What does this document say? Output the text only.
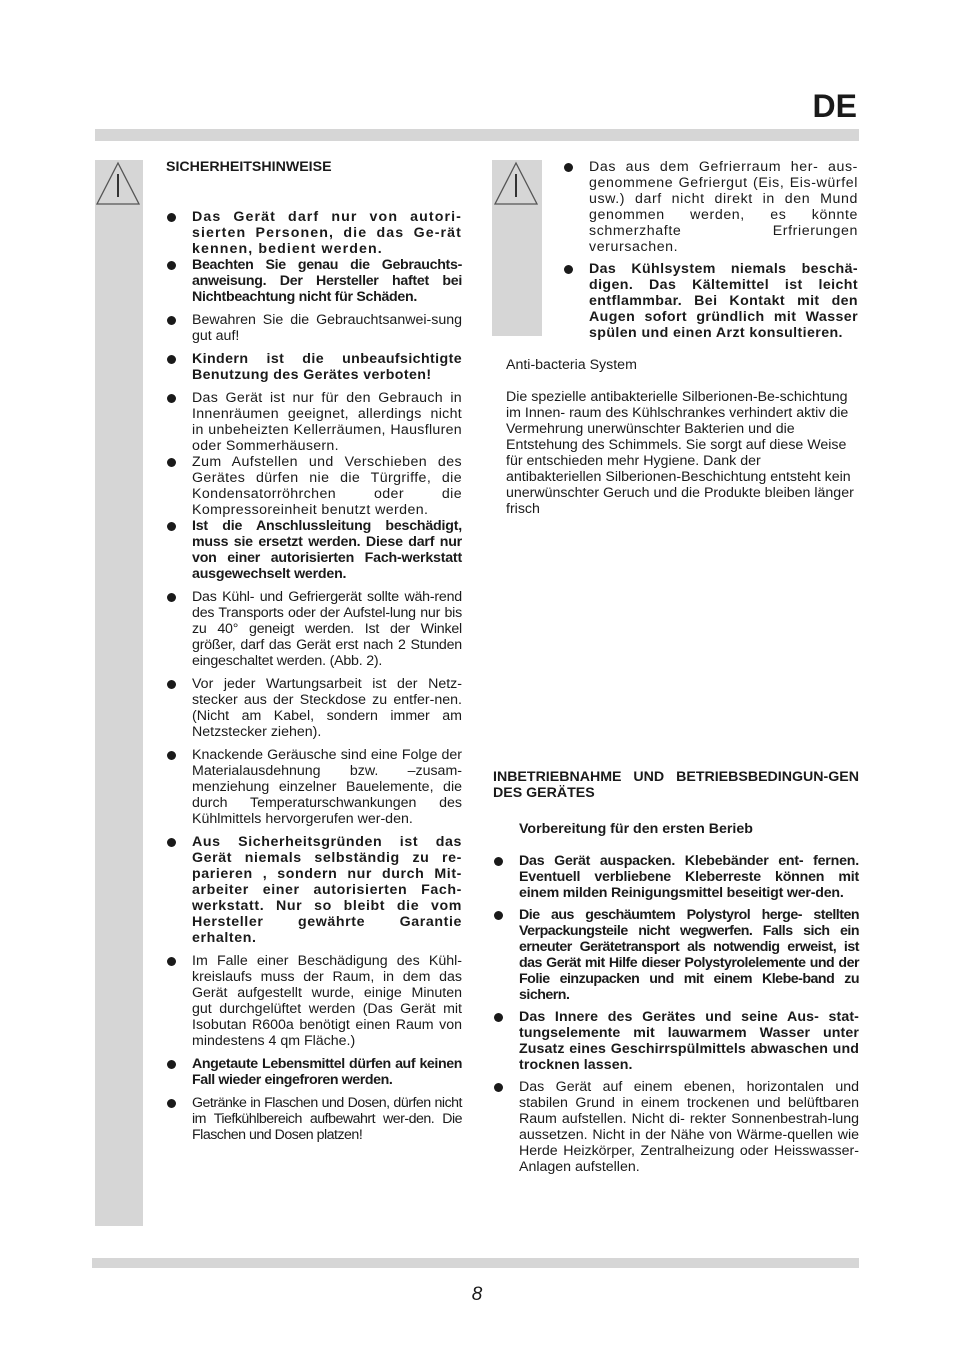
DE
SICHERHEITSHINWEISE
Das Gerät darf nur von autori-sierten Personen, die das Ge-rät kennen, bedient werden.
Beachten Sie genau die Gebrauchts-anweisung. Der Hersteller haftet bei Nichtbeachtung nicht für Schäden.
Bewahren Sie die Gebrauchtsanwei-sung gut auf!
Kindern ist die unbeaufsichtigte Benutzung des Gerätes verboten!
Das Gerät ist nur für den Gebrauch in Innenräumen geeignet, allerdings nicht in unbeheizten Kellerräumen, Hausfluren oder Sommerhäusern.
Zum Aufstellen und Verschieben des Gerätes dürfen nie die Türgriffe, die Kondensatorröhrchen oder die Kompressoreinheit benutzt werden.
Ist die Anschlussleitung beschädigt, muss sie ersetzt werden. Diese darf nur von einer autorisierten Fach-werkstatt ausgewechselt werden.
Das Kühl- und Gefriergerät sollte wäh-rend des Transports oder der Aufstel-lung nur bis zu 40° geneigt werden. Ist der Winkel größer, darf das Gerät erst nach 2 Stunden eingeschaltet werden. (Abb. 2).
Vor jeder Wartungsarbeit ist der Netz-stecker aus der Steckdose zu entfer-nen. (Nicht am Kabel, sondern immer am Netzstecker ziehen).
Knackende Geräusche sind eine Folge der Materialausdehnung bzw. –zusam-menziehung einzelner Bauelemente, die durch Temperaturschwankungen des Kühlmittels hervorgerufen wer-den.
Aus Sicherheitsgründen ist das Gerät niemals selbständig zu re-parieren , sondern nur durch Mit-arbeiter einer autorisierten Fach-werkstatt. Nur so bleibt die vom Hersteller gewährte Garantie erhalten.
Im Falle einer Beschädigung des Kühl-kreislaufs muss der Raum, in dem das Gerät aufgestellt wurde, einige Minuten gut durchgelüftet werden (Das Gerät mit Isobutan R600a benötigt einen Raum von mindestens 4 qm Fläche.)
Angetaute Lebensmittel dürfen auf keinen Fall wieder eingefroren werden.
Getränke in Flaschen und Dosen, dürfen nicht im Tiefkühlbereich aufbewahrt wer-den. Die Flaschen und Dosen platzen!
Das aus dem Gefrierraum her- aus-genommene Gefriergut (Eis, Eis-würfel usw.) darf nicht direkt in den Mund genommen werden, es könnte schmerzhafte Erfrierungen verursachen.
Das Kühlsystem niemals beschä-digen. Das Kältemittel ist leicht entflammbar. Bei Kontakt mit den Augen sofort gründlich mit Wasser spülen und einen Arzt konsultieren.

Anti-bacteria System

Die spezielle antibakterielle Silberionen-Be-schichtung im Innen- raum des Kühlschrankes verhindert aktiv die Vermehrung unerwünschter Bakterien und die Entstehung des Schimmels. Sie sorgt auf diese Weise für entschieden mehr Hygiene. Dank der antibakteriellen Silberionen-Beschichtung entsteht kein unerwünschter Geruch und die Produkte bleiben länger frisch

INBETRIEBNAHME UND BETRIEBSBEDINGUN-GEN DES GERÄTES
Vorbereitung für den ersten Berieb
Das Gerät auspacken. Klebebänder ent- fernen. Eventuell verbliebene Kleberreste können mit einem milden Reinigungsmittel beseitigt wer-den.
Die aus geschäumtem Polystyrol herge- stellten Verpackungsteile nicht wegwerfen. Falls sich ein erneuter Gerätetransport als notwendig erweist, ist das Gerät mit Hilfe dieser Polystyrolelemente und der Folie einzupacken und mit einem Klebe-band zu sichern.
Das Innere des Gerätes und seine Aus- stat-tungselemente mit lauwarmem Wasser unter Zusatz eines Geschirrspülmittels abwaschen und trocknen lassen.
Das Gerät auf einem ebenen, horizontalen und stabilen Grund in einem trockenen und belüftbaren Raum aufstellen. Nicht di- rekter Sonnenbestrah-lung aussetzen. Nicht in der Nähe von Wärme-quellen wie Herde Heizkörper, Zentralheizung oder Heisswasser- Anlagen aufstellen.
8
